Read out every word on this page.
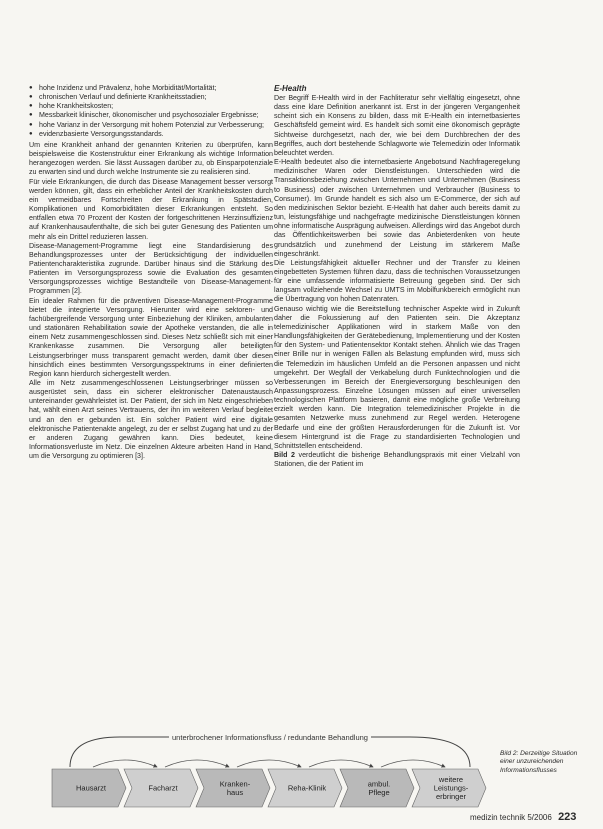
● hohe Inzidenz und Prävalenz, hohe Morbidität/Mortalität;
● chronischen Verlauf und definierte Krankheitsstadien;
● hohe Krankheitskosten;
● Messbarkeit klinischer, ökonomischer und psychosozialer Ergebnisse;
● hohe Varianz in der Versorgung mit hohem Potenzial zur Verbesserung;
● evidenzbasierte Versorgungsstandards.

Um eine Krankheit anhand der genannten Kriterien zu überprüfen, kann beispielsweise die Kostenstruktur einer Erkrankung als wichtige Information herangezogen werden. Sie lässt Aussagen darüber zu, ob Einsparpotenziale zu erwarten sind und durch welche Instrumente sie zu realisieren sind.

Für viele Erkrankungen, die durch das Disease Management besser versorgt werden können, gilt, dass ein erheblicher Anteil der Krankheitskosten durch ein vermeidbares Fortschreiten der Erkrankung in Spätstadien, Komplikationen und Komorbiditäten dieser Erkrankungen entsteht. So entfallen etwa 70 Prozent der Kosten der fortgeschrittenen Herzinsuffizienz auf Krankenhausaufenthalte, die sich bei guter Genesung des Patienten um mehr als ein Drittel reduzieren lassen.

Disease-Management-Programme liegt eine Standardisierung des Behandlungsprozesses unter der Berücksichtigung der individuellen Patientencharakteristika zugrunde. Darüber hinaus sind die Stärkung des Patienten im Versorgungsprozess sowie die Evaluation des gesamten Versorgungsprozesses wichtige Bestandteile von Disease-Management-Programmen [2].

Ein idealer Rahmen für die präventiven Disease-Management-Programme bietet die integrierte Versorgung. Hierunter wird eine sektoren- und fachübergreifende Versorgung unter Einbeziehung der Kliniken, ambulanten und stationären Rehabilitation sowie der Apotheke verstanden, die alle in einem Netz zusammengeschlossen sind. Dieses Netz schließt sich mit einer Krankenkasse zusammen. Die Versorgung aller beteiligten Leistungserbringer muss transparent gemacht werden, damit über diesen hinsichtlich eines bestimmten Versorgungsspektrums in einer definierten Region kann hierdurch sichergestellt werden.

Alle im Netz zusammengeschlossenen Leistungserbringer müssen so ausgerüstet sein, dass ein sicherer elektronischer Datenaustausch untereinander gewährleistet ist. Der Patient, der sich im Netz eingeschrieben hat, wählt einen Arzt seines Vertrauens, der ihn im weiteren Verlauf begleitet und an den er gebunden ist. Ein solcher Patient wird eine digitale elektronische Patientenakte angelegt, zu der er selbst Zugang hat und zu der er anderen Zugang gewähren kann. Dies bedeutet, keine Informationsverluste im Netz. Die einzelnen Akteure arbeiten Hand in Hand, um die Versorgung zu optimieren [3].

E-Health

Der Begriff E-Health wird in der Fachliteratur sehr vielfältig eingesetzt, ohne dass eine klare Definition anerkannt ist. Erst in der jüngeren Vergangenheit scheint sich ein Konsens zu bilden, dass mit E-Health ein internetbasiertes Geschäftsfeld gemeint wird. Es handelt sich somit eine ökonomisch geprägte Sichtweise durchgesetzt, nach der, wie bei dem Durchbrechen der des Begriffes, auch dort bestehende Schlagworte wie Telemedizin oder Informatik beleuchtet werden.

E-Health bedeutet also die internetbasierte Angebotsund Nachfrageregelung medizinischer Waren oder Dienstleistungen. Unterschieden wird die Transaktionsbeziehung zwischen Unternehmen und Unternehmen (Business to Business) oder zwischen Unternehmen und Verbraucher (Business to Consumer). Im Grunde handelt es sich also um E-Commerce, der sich auf den medizinischen Sektor bezieht. E-Health hat daher auch bereits damit zu tun, leistungsfähige und nachgefragte medizinische Dienstleistungen können ohne informatische Ausprägung aufweisen. Allerdings wird das Angebot durch das Öffentlichkeitswerben bei sowie das Anbieterdenken von heute grundsätzlich und zunehmend der Leistung im stärkerem Maße eingeschränkt.

Die Leistungsfähigkeit aktueller Rechner und der Transfer zu kleinen eingebetteten Systemen führen dazu, dass die technischen Voraussetzungen für eine umfassende informatisierte Betreuung gegeben sind. Der sich langsam vollziehende Wechsel zu UMTS im Mobilfunkbereich ermöglicht nun die Übertragung von hohen Datenraten.

Genauso wichtig wie die Bereitstellung technischer Aspekte wird in Zukunft daher die Fokussierung auf den Patienten sein. Die Akzeptanz telemedizinischer Applikationen wird in starkem Maße von den Handlungsfähigkeiten der Gerätebedienung, Implementierung und der Kosten für den System- und Patientensektor Kontakt stehen. Ähnlich wie das Tragen einer Brille nur in wenigen Fällen als Belastung empfunden wird, muss sich die Telemedizin im häuslichen Umfeld an die Personen anpassen und nicht umgekehrt. Der Wegfall der Verkabelung durch Funktechnologien und die Verbesserungen im Bereich der Energieversorgung beschleunigen den Anpassungsprozess. Einzelne Lösungen müssen auf einer universellen technologischen Plattform basieren, damit eine mögliche große Verbreitung erzielt werden kann. Die Integration telemedizinischer Projekte in die gesamten Netzwerke muss zunehmend zur Regel werden. Heterogene Bedarfe und eine der größten Herausforderungen für die Zukunft ist. Vor diesem Hintergrund ist die Frage zu standardisierten Technologien und Schnittstellen entscheidend.

Bild 2 verdeutlicht die bisherige Behandlungspraxis mit einer Vielzahl von Stationen, die der Patient im

unterbrochener Informationsfluss / redundante Behandlung
Hausarzt	Facharzt	Kranken-haus	Reha-Klinik	ambul. Pflege
weitere Leistungs-erbringer
Bild 2: Derzeitige Situation einer unzureichenden Informationsflusses
medizin technik 5/2006 223
